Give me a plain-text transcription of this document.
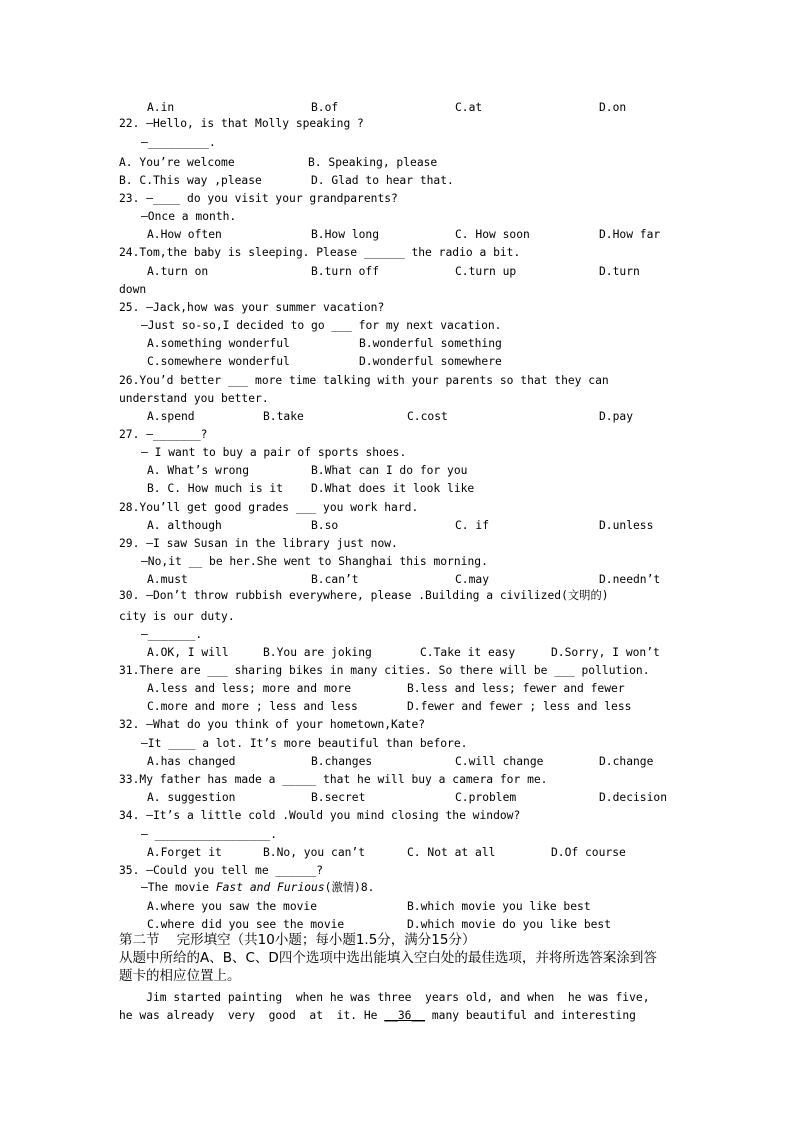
A.in	B.of	C.at	D.on
22. —Hello, is that Molly speaking ?
—_________.
A. You’re welcome	B. Speaking, please
B. C.This way ,please	D. Glad to hear that.
23. —____ do you visit your grandparents?
—Once a month.
A.How often	B.How long	C. How soon	D.How far
24.Tom,the baby is sleeping. Please ______ the radio a bit.
A.turn on	B.turn off	C.turn up	D.turn
down
25. —Jack,how was your summer vacation?
—Just so-so,I decided to go ___ for my next vacation.
A.something wonderful	B.wonderful something
C.somewhere wonderful	D.wonderful somewhere
26.You’d better ___ more time talking with your parents so that they can
understand you better.
A.spend	B.take	C.cost	D.pay
27. —_______?
— I want to buy a pair of sports shoes.
A. What’s wrong	B.What can I do for you
B. C. How much is it D.What does it look like
28.You’ll get good grades ___ you work hard.
A. although	B.so	C. if	D.unless
29. —I saw Susan in the library just now.
—No,it __ be her.She went to Shanghai this morning.
A.must	B.can’t	C.may	D.needn’t
30. —Don’t throw rubbish everywhere, please .Building a civilized(文明的)
city is our duty.
—_______.
A.OK, I will	B.You are joking	C.Take it easy	D.Sorry, I won’t
31.There are ___ sharing bikes in many cities. So there will be ___ pollution.
A.less and less; more and more	B.less and less; fewer and fewer
C.more and more ; less and less	D.fewer and fewer ; less and less
32. —What do you think of your hometown,Kate?
—It ____ a lot. It’s more beautiful than before.
A.has changed	B.changes	C.will change	D.change
33.My father has made a _____ that he will buy a camera for me.
A. suggestion	B.secret	C.problem	D.decision
34. —It’s a little cold .Would you mind closing the window?
— _________________.
A.Forget it	B.No, you can’t	C. Not at all	D.Of course
35. —Could you tell me ______?
—The movie Fast and Furious(激情)8.
A.where you saw the movie	B.which movie you like best
C.where did you see the movie	D.which movie do you like best
第二节    完形填空（共10小题；每小题1.5分，满分15分）
从题中所给的A、B、C、D四个选项中选出能填入空白处的最佳选项，并将所选答案涂到答
题卡的相应位置上。
Jim started painting  when he was three  years old, and when  he was five,
he was already  very  good  at  it. He __36__ many beautiful and interesting
